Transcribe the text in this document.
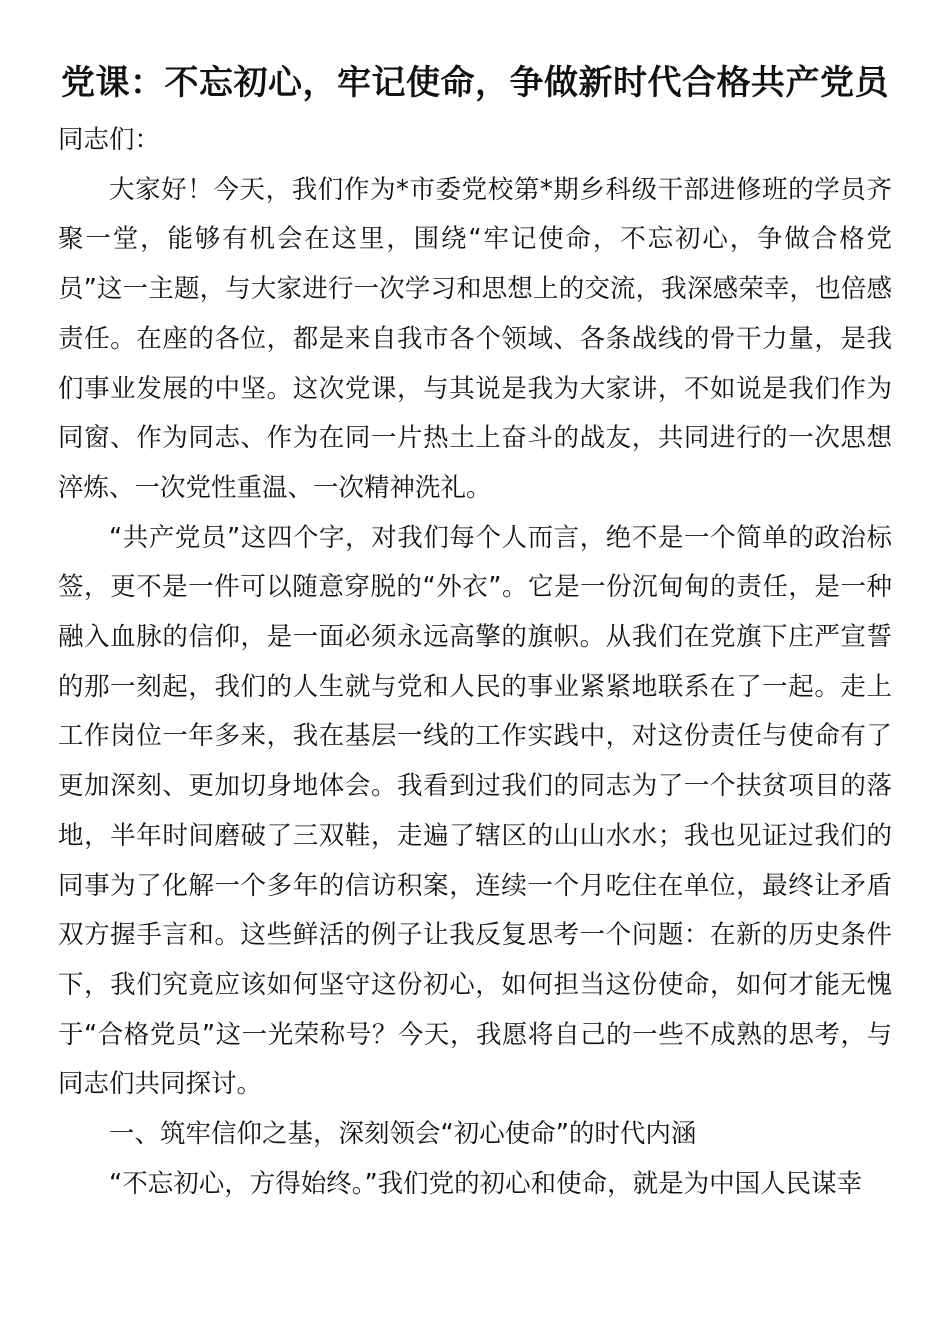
党课：不忘初心，牢记使命，争做新时代合格共产党员

同志们：

大家好！今天，我们作为*市委党校第*期乡科级干部进修班的学员齐聚一堂，能够有机会在这里，围绕“牢记使命，不忘初心，争做合格党员”这一主题，与大家进行一次学习和思想上的交流，我深感荣幸，也倍感责任。在座的各位，都是来自我市各个领域、各条战线的骨干力量，是我们事业发展的中坚。这次党课，与其说是我为大家讲，不如说是我们作为同窗、作为同志、作为在同一片热土上奋斗的战友，共同进行的一次思想淬炼、一次党性重温、一次精神洗礼。

“共产党员”这四个字，对我们每个人而言，绝不是一个简单的政治标签，更不是一件可以随意穿脱的“外衣”。它是一份沉甸甸的责任，是一种融入血脉的信仰，是一面必须永远高擎的旗帜。从我们在党旗下庄严宣誓的那一刻起，我们的人生就与党和人民的事业紧紧地联系在了一起。走上工作岗位一年多来，我在基层一线的工作实践中，对这份责任与使命有了更加深刻、更加切身地体会。我看到过我们的同志为了一个扶贫项目的落地，半年时间磨破了三双鞋，走遍了辖区的山山水水；我也见证过我们的同事为了化解一个多年的信访积案，连续一个月吃住在单位，最终让矛盾双方握手言和。这些鲜活的例子让我反复思考一个问题：在新的历史条件下，我们究竟应该如何坚守这份初心，如何担当这份使命，如何才能无愧于“合格党员”这一光荣称号？今天，我愿将自己的一些不成熟的思考，与同志们共同探讨。

一、筑牢信仰之基，深刻领会“初心使命”的时代内涵

“不忘初心，方得始终。”我们党的初心和使命，就是为中国人民谋幸
